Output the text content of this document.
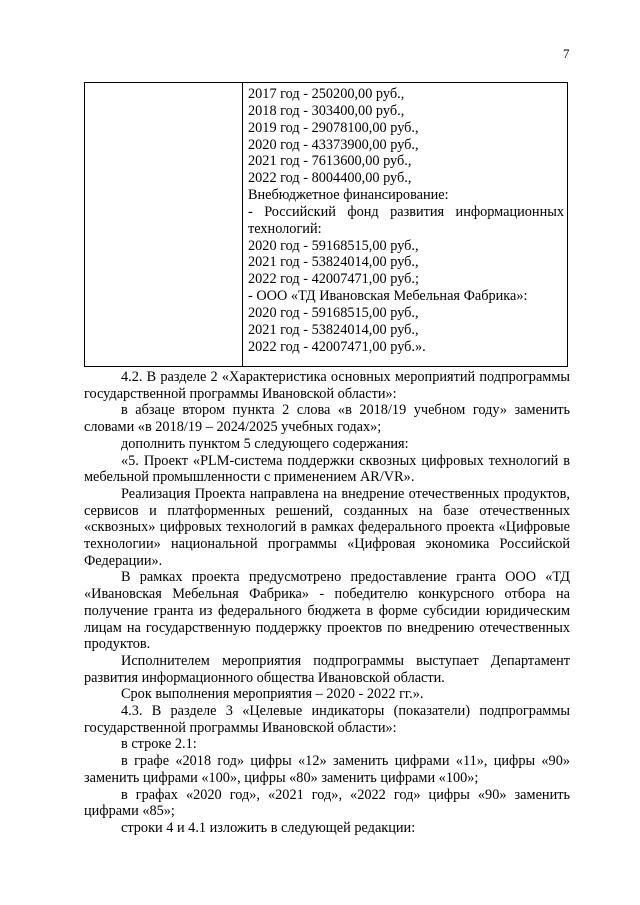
7
2017 год - 250200,00 руб.,
2018 год - 303400,00 руб.,
2019 год - 29078100,00 руб.,
2020 год - 43373900,00 руб.,
2021 год - 7613600,00 руб.,
2022 год - 8004400,00 руб.,
Внебюджетное финансирование:
- Российский фонд развития информационных
технологий:
2020 год - 59168515,00 руб.,
2021 год - 53824014,00 руб.,
2022 год - 42007471,00 руб.;
- ООО «ТД Ивановская Мебельная Фабрика»:
2020 год - 59168515,00 руб.,
2021 год - 53824014,00 руб.,
2022 год - 42007471,00 руб.».

4.2. В разделе 2 «Характеристика основных мероприятий подпрограммы государственной программы Ивановской области»:

в абзаце втором пункта 2 слова «в 2018/19 учебном году» заменить словами «в 2018/19 – 2024/2025 учебных годах»;

дополнить пунктом 5 следующего содержания:

«5. Проект «PLM-система поддержки сквозных цифровых технологий в мебельной промышленности с применением AR/VR».

Реализация Проекта направлена на внедрение отечественных продуктов, сервисов и платформенных решений, созданных на базе отечественных «сквозных» цифровых технологий в рамках федерального проекта «Цифровые технологии» национальной программы «Цифровая экономика Российской Федерации».

В рамках проекта предусмотрено предоставление гранта ООО «ТД «Ивановская Мебельная Фабрика» - победителю конкурсного отбора на получение гранта из федерального бюджета в форме субсидии юридическим лицам на государственную поддержку проектов по внедрению отечественных продуктов.

Исполнителем мероприятия подпрограммы выступает Департамент развития информационного общества Ивановской области.

Срок выполнения мероприятия – 2020 - 2022 гг.».

4.3. В разделе 3 «Целевые индикаторы (показатели) подпрограммы государственной программы Ивановской области»:

в строке 2.1:

в графе «2018 год» цифры «12» заменить цифрами «11», цифры «90» заменить цифрами «100», цифры «80» заменить цифрами «100»;

в графах «2020 год», «2021 год», «2022 год» цифры «90» заменить цифрами «85»;

строки 4 и 4.1 изложить в следующей редакции:
